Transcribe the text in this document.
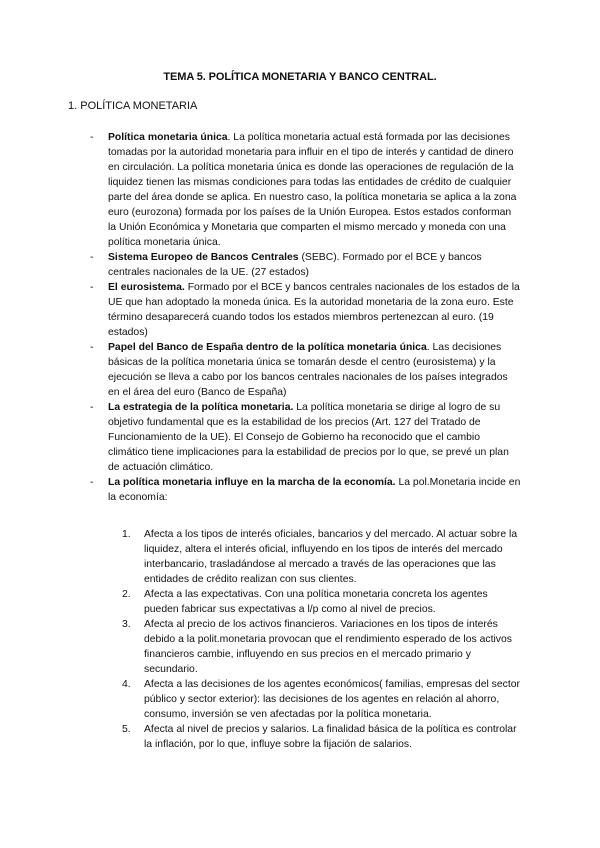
TEMA 5. POLÍTICA MONETARIA Y BANCO CENTRAL.
1. POLÍTICA MONETARIA
- Política monetaria única. La política monetaria actual está formada por las decisiones tomadas por la autoridad monetaria para influir en el tipo de interés y cantidad de dinero en circulación. La política monetaria única es donde las operaciones de regulación de la liquidez tienen las mismas condiciones para todas las entidades de crédito de cualquier parte del área donde se aplica. En nuestro caso, la política monetaria se aplica a la zona euro (eurozona) formada por los países de la Unión Europea. Estos estados conforman la Unión Económica y Monetaria que comparten el mismo mercado y moneda con una política monetaria única.
- Sistema Europeo de Bancos Centrales (SEBC). Formado por el BCE y bancos centrales nacionales de la UE. (27 estados)
- El eurosistema. Formado por el BCE y bancos centrales nacionales de los estados de la UE que han adoptado la moneda única. Es la autoridad monetaria de la zona euro. Este término desaparecerá cuando todos los estados miembros pertenezcan al euro. (19 estados)
- Papel del Banco de España dentro de la política monetaria única. Las decisiones básicas de la política monetaria única se tomarán desde el centro (eurosistema) y la ejecución se lleva a cabo por los bancos centrales nacionales de los países integrados en el área del euro (Banco de España)
- La estrategia de la política monetaria. La política monetaria se dirige al logro de su objetivo fundamental que es la estabilidad de los precios (Art. 127 del Tratado de Funcionamiento de la UE). El Consejo de Gobierno ha reconocido que el cambio climático tiene implicaciones para la estabilidad de precios por lo que, se prevé un plan de actuación climático.
- La política monetaria influye en la marcha de la economía. La pol.Monetaria incide en la economía:
1. Afecta a los tipos de interés oficiales, bancarios y del mercado. Al actuar sobre la liquidez, altera el interés oficial, influyendo en los tipos de interés del mercado interbancario, trasladándose al mercado a través de las operaciones que las entidades de crédito realizan con sus clientes.
2. Afecta a las expectativas. Con una política monetaria concreta los agentes pueden fabricar sus expectativas a l/p como al nivel de precios.
3. Afecta al precio de los activos financieros. Variaciones en los tipos de interés debido a la polit.monetaria provocan que el rendimiento esperado de los activos financieros cambie, influyendo en sus precios en el mercado primario y secundario.
4. Afecta a las decisiones de los agentes económicos( familias, empresas del sector público y sector exterior): las decisiones de los agentes en relación al ahorro, consumo, inversión se ven afectadas por la política monetaria.
5. Afecta al nivel de precios y salarios. La finalidad básica de la política es controlar la inflación, por lo que, influye sobre la fijación de salarios.
